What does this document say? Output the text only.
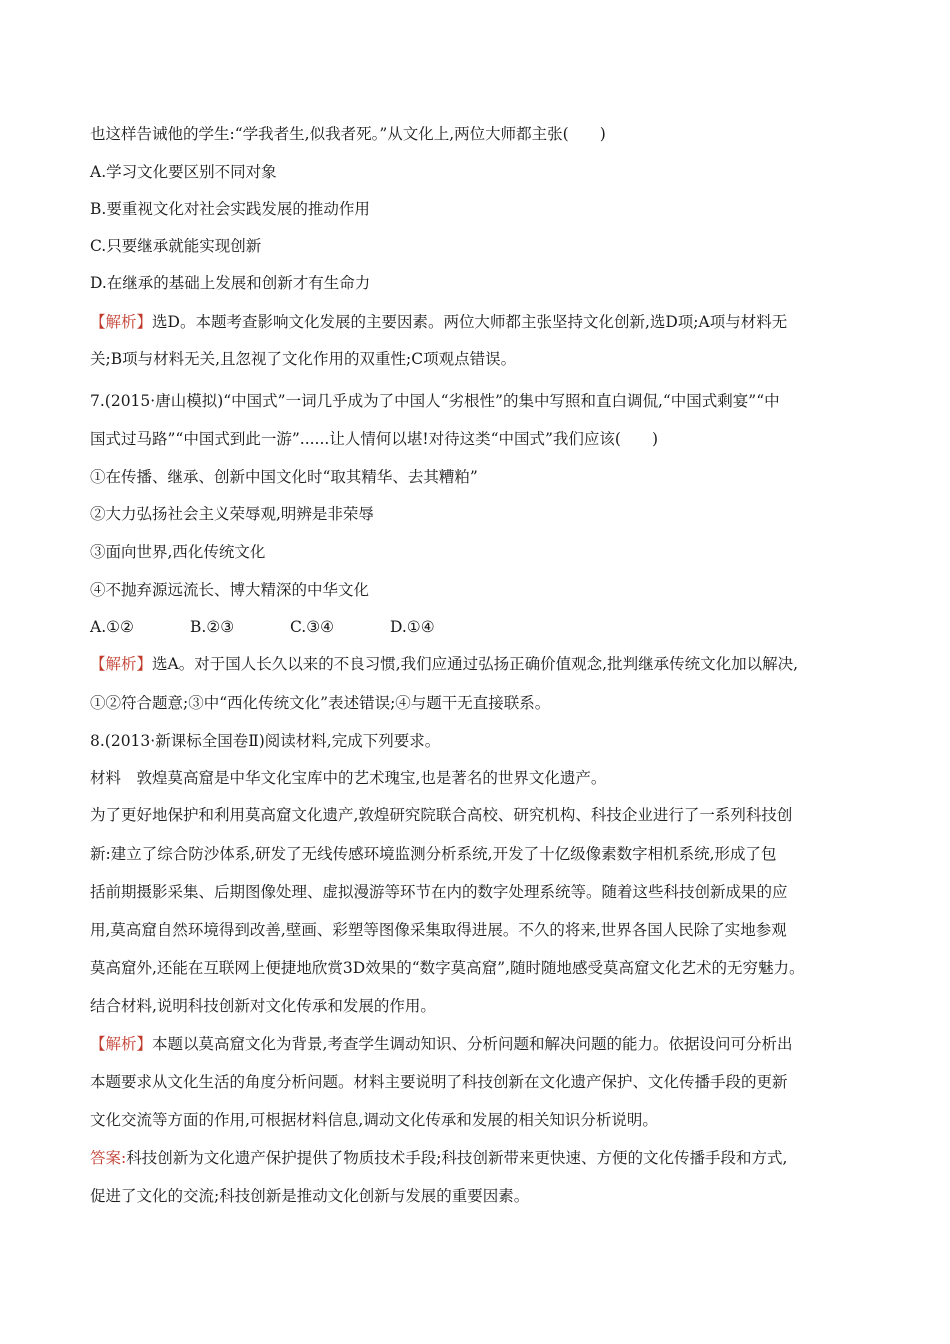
也这样告诫他的学生:“学我者生,似我者死。”从文化上,两位大师都主张(　　)
A.学习文化要区别不同对象
B.要重视文化对社会实践发展的推动作用
C.只要继承就能实现创新
D.在继承的基础上发展和创新才有生命力
【解析】选D。本题考查影响文化发展的主要因素。两位大师都主张坚持文化创新,选D项;A项与材料无
关;B项与材料无关,且忽视了文化作用的双重性;C项观点错误。
7.(2015·唐山模拟)“中国式”一词几乎成为了中国人“劣根性”的集中写照和直白调侃,“中国式剩宴”“中
国式过马路”“中国式到此一游”......让人情何以堪!对待这类“中国式”我们应该(　　)
①在传播、继承、创新中国文化时“取其精华、去其糟粕”
②大力弘扬社会主义荣辱观,明辨是非荣辱
③面向世界,西化传统文化
④不抛弃源远流长、博大精深的中华文化
A.①②	B.②③	C.③④	D.①④
【解析】选A。对于国人长久以来的不良习惯,我们应通过弘扬正确价值观念,批判继承传统文化加以解决,
①②符合题意;③中“西化传统文化”表述错误;④与题干无直接联系。
8.(2013·新课标全国卷Ⅱ)阅读材料,完成下列要求。
材料　敦煌莫高窟是中华文化宝库中的艺术瑰宝,也是著名的世界文化遗产。
为了更好地保护和利用莫高窟文化遗产,敦煌研究院联合高校、研究机构、科技企业进行了一系列科技创
新:建立了综合防沙体系,研发了无线传感环境监测分析系统,开发了十亿级像素数字相机系统,形成了包
括前期摄影采集、后期图像处理、虚拟漫游等环节在内的数字处理系统等。随着这些科技创新成果的应
用,莫高窟自然环境得到改善,壁画、彩塑等图像采集取得进展。不久的将来,世界各国人民除了实地参观
莫高窟外,还能在互联网上便捷地欣赏3D效果的“数字莫高窟”,随时随地感受莫高窟文化艺术的无穷魅力。
结合材料,说明科技创新对文化传承和发展的作用。
【解析】本题以莫高窟文化为背景,考查学生调动知识、分析问题和解决问题的能力。依据设问可分析出
本题要求从文化生活的角度分析问题。材料主要说明了科技创新在文化遗产保护、文化传播手段的更新
文化交流等方面的作用,可根据材料信息,调动文化传承和发展的相关知识分析说明。
答案:科技创新为文化遗产保护提供了物质技术手段;科技创新带来更快速、方便的文化传播手段和方式,
促进了文化的交流;科技创新是推动文化创新与发展的重要因素。
